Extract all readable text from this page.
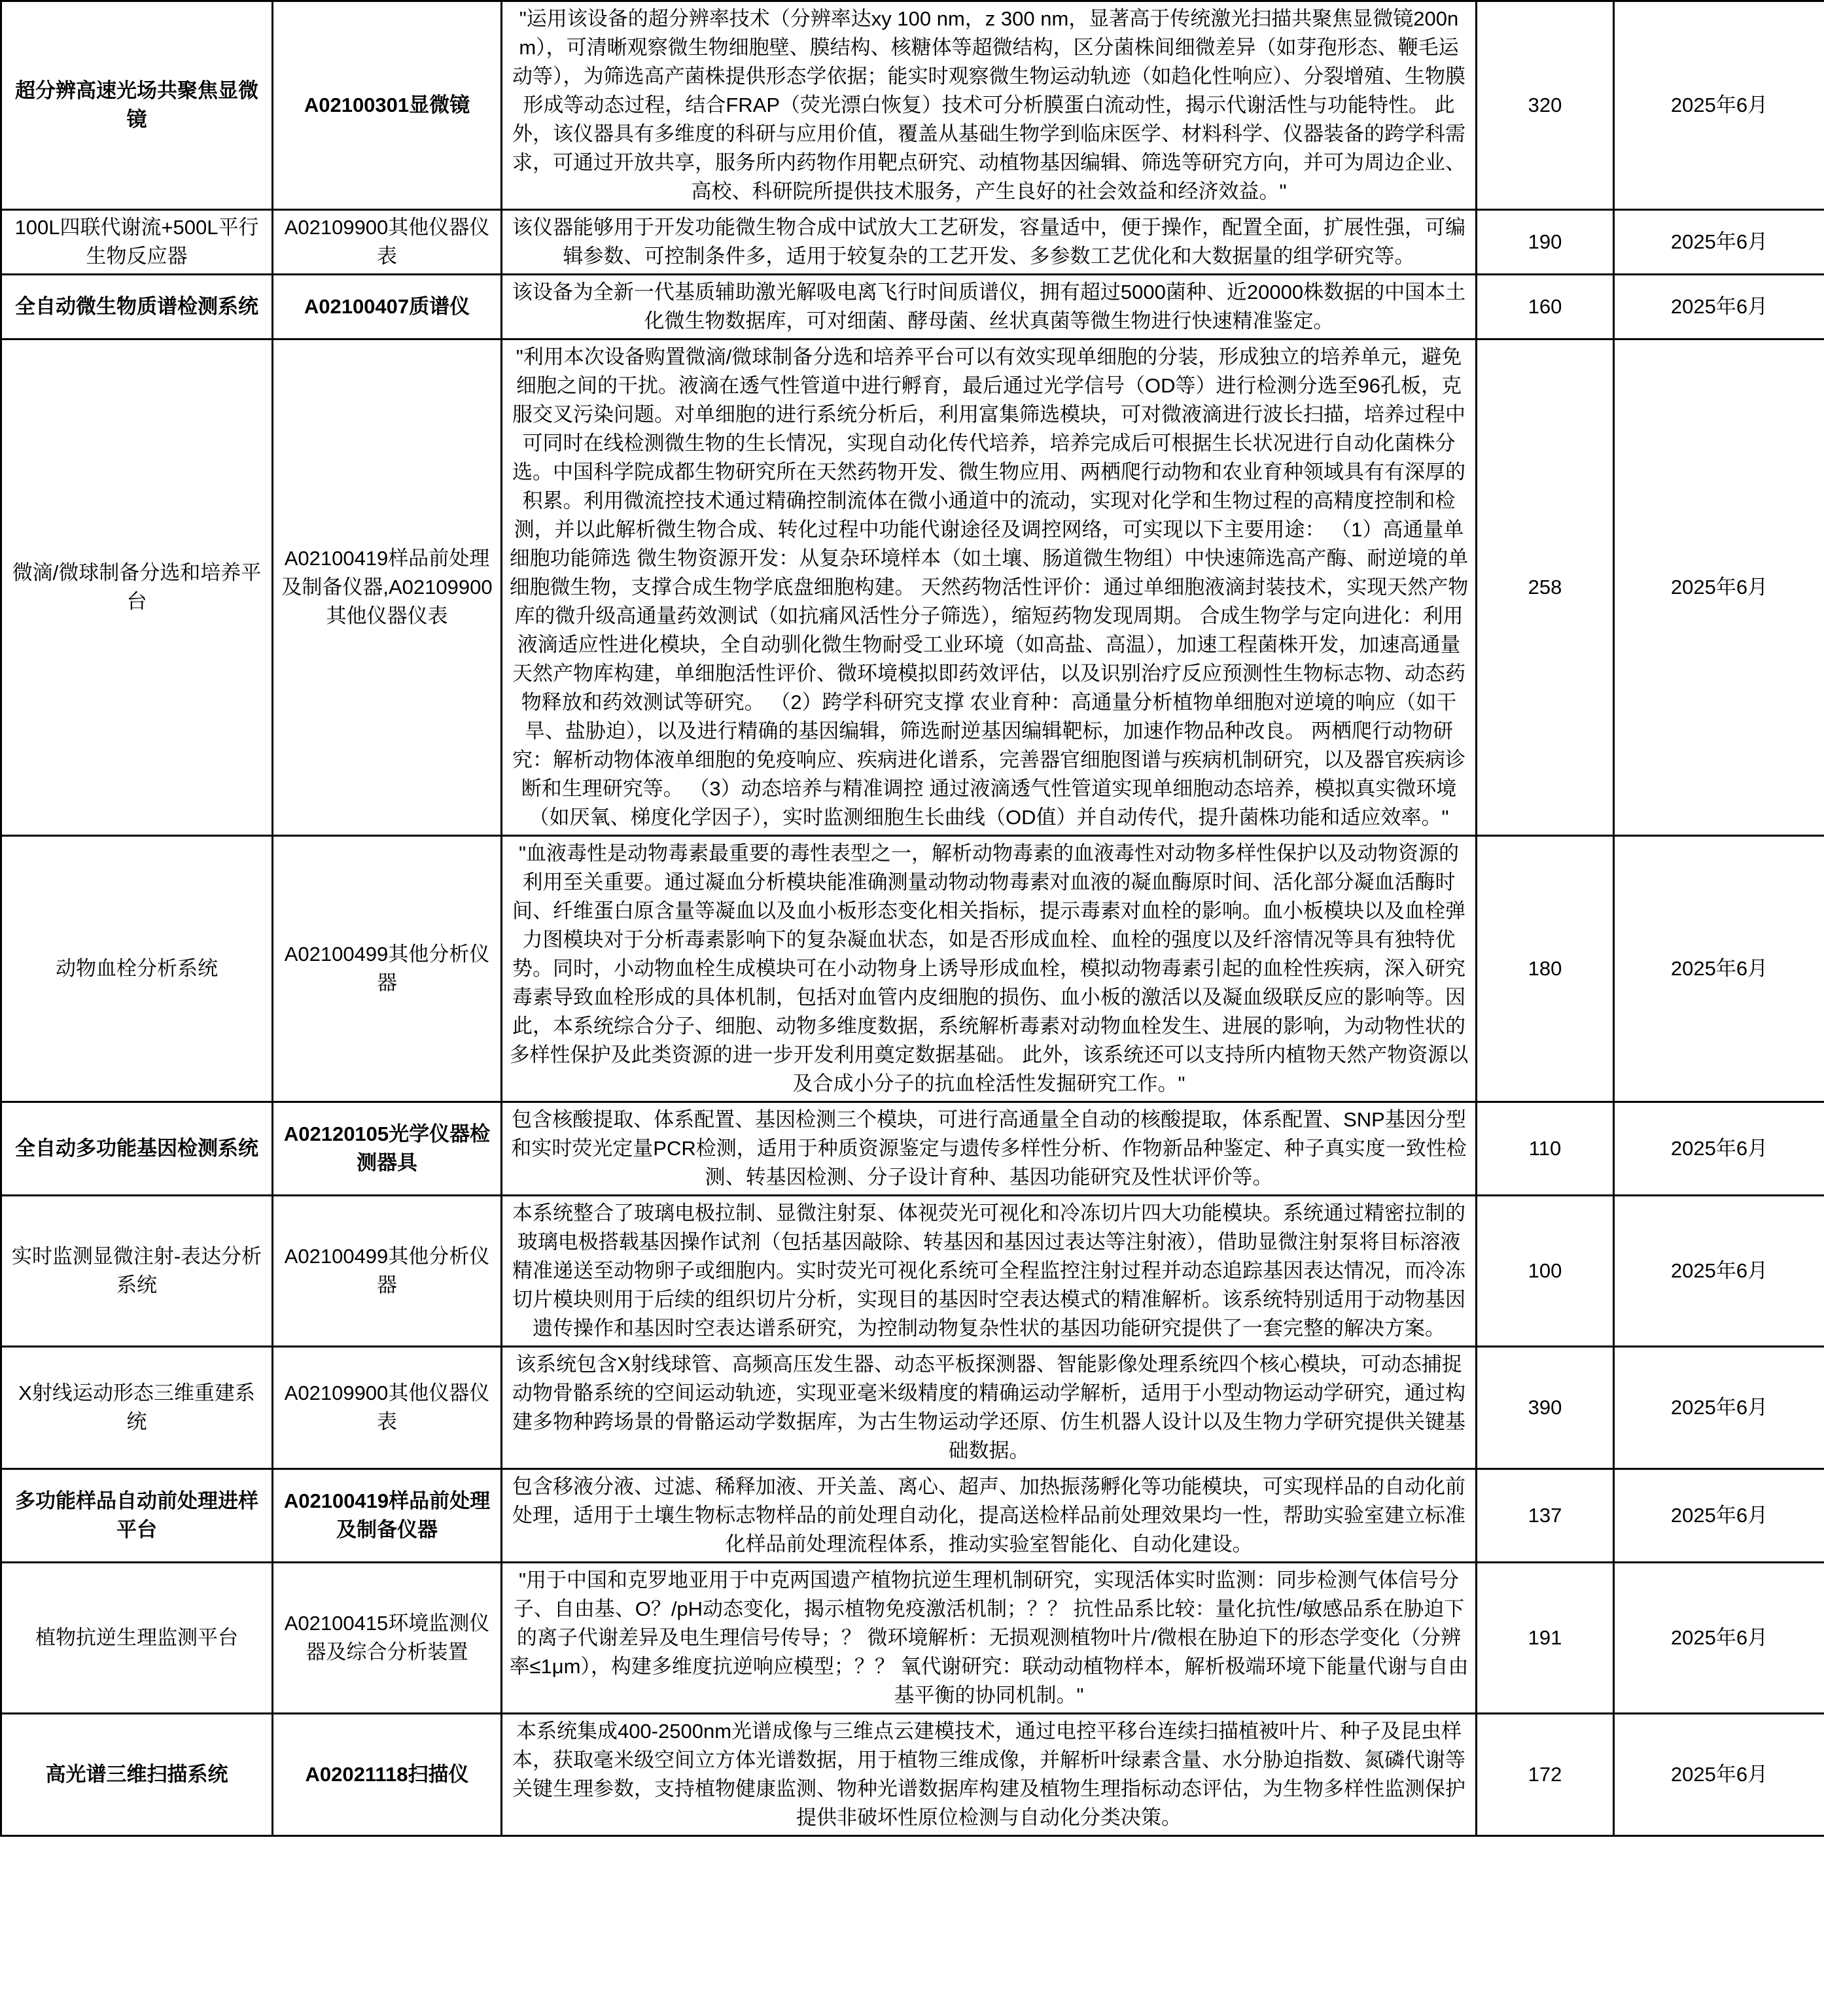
超分辨高速光场共聚焦显微镜	A02100301显微镜	"运用该设备的超分辨率技术（分辨率达xy 100 nm，z 300 nm，显著高于传统激光扫描共聚焦显微镜200nm），可清晰观察微生物细胞壁、膜结构、核糖体等超微结构，区分菌株间细微差异（如芽孢形态、鞭毛运动等），为筛选高产菌株提供形态学依据；能实时观察微生物运动轨迹（如趋化性响应）、分裂增殖、生物膜形成等动态过程，结合FRAP（荧光漂白恢复）技术可分析膜蛋白流动性，揭示代谢活性与功能特性。 此外，该仪器具有多维度的科研与应用价值，覆盖从基础生物学到临床医学、材料科学、仪器装备的跨学科需求，可通过开放共享，服务所内药物作用靶点研究、动植物基因编辑、筛选等研究方向，并可为周边企业、高校、科研院所提供技术服务，产生良好的社会效益和经济效益。"	320	2025年6月
100L四联代谢流+500L平行生物反应器	A02109900其他仪器仪表	该仪器能够用于开发功能微生物合成中试放大工艺研发，容量适中，便于操作，配置全面，扩展性强，可编辑参数、可控制条件多，适用于较复杂的工艺开发、多参数工艺优化和大数据量的组学研究等。	190	2025年6月
全自动微生物质谱检测系统	A02100407质谱仪	该设备为全新一代基质辅助激光解吸电离飞行时间质谱仪，拥有超过5000菌种、近20000株数据的中国本土化微生物数据库，可对细菌、酵母菌、丝状真菌等微生物进行快速精准鉴定。	160	2025年6月
微滴/微球制备分选和培养平台	A02100419样品前处理及制备仪器,A02109900其他仪器仪表	"利用本次设备购置微滴/微球制备分选和培养平台可以有效实现单细胞的分装，形成独立的培养单元，避免细胞之间的干扰。液滴在透气性管道中进行孵育，最后通过光学信号（OD等）进行检测分选至96孔板，克服交叉污染问题。对单细胞的进行系统分析后，利用富集筛选模块，可对微液滴进行波长扫描，培养过程中可同时在线检测微生物的生长情况，实现自动化传代培养，培养完成后可根据生长状况进行自动化菌株分选。中国科学院成都生物研究所在天然药物开发、微生物应用、两栖爬行动物和农业育种领域具有有深厚的积累。利用微流控技术通过精确控制流体在微小通道中的流动，实现对化学和生物过程的高精度控制和检测，并以此解析微生物合成、转化过程中功能代谢途径及调控网络，可实现以下主要用途： （1）高通量单细胞功能筛选 微生物资源开发：从复杂环境样本（如土壤、肠道微生物组）中快速筛选高产酶、耐逆境的单细胞微生物，支撑合成生物学底盘细胞构建。 天然药物活性评价：通过单细胞液滴封装技术，实现天然产物库的微升级高通量药效测试（如抗痛风活性分子筛选），缩短药物发现周期。 合成生物学与定向进化：利用液滴适应性进化模块，全自动驯化微生物耐受工业环境（如高盐、高温），加速工程菌株开发，加速高通量天然产物库构建，单细胞活性评价、微环境模拟即药效评估，以及识别治疗反应预测性生物标志物、动态药物释放和药效测试等研究。 （2）跨学科研究支撑 农业育种：高通量分析植物单细胞对逆境的响应（如干旱、盐胁迫），以及进行精确的基因编辑，筛选耐逆基因编辑靶标，加速作物品种改良。 两栖爬行动物研究：解析动物体液单细胞的免疫响应、疾病进化谱系，完善器官细胞图谱与疾病机制研究，以及器官疾病诊断和生理研究等。 （3）动态培养与精准调控 通过液滴透气性管道实现单细胞动态培养，模拟真实微环境（如厌氧、梯度化学因子），实时监测细胞生长曲线（OD值）并自动传代，提升菌株功能和适应效率。"	258	2025年6月
动物血栓分析系统	A02100499其他分析仪器	"血液毒性是动物毒素最重要的毒性表型之一，解析动物毒素的血液毒性对动物多样性保护以及动物资源的利用至关重要。通过凝血分析模块能准确测量动物动物毒素对血液的凝血酶原时间、活化部分凝血活酶时间、纤维蛋白原含量等凝血以及血小板形态变化相关指标，提示毒素对血栓的影响。血小板模块以及血栓弹力图模块对于分析毒素影响下的复杂凝血状态，如是否形成血栓、血栓的强度以及纤溶情况等具有独特优势。同时，小动物血栓生成模块可在小动物身上诱导形成血栓，模拟动物毒素引起的血栓性疾病，深入研究毒素导致血栓形成的具体机制，包括对血管内皮细胞的损伤、血小板的激活以及凝血级联反应的影响等。因此，本系统综合分子、细胞、动物多维度数据，系统解析毒素对动物血栓发生、进展的影响，为动物性状的多样性保护及此类资源的进一步开发利用奠定数据基础。 此外，该系统还可以支持所内植物天然产物资源以及合成小分子的抗血栓活性发掘研究工作。"	180	2025年6月
全自动多功能基因检测系统	A02120105光学仪器检测器具	包含核酸提取、体系配置、基因检测三个模块，可进行高通量全自动的核酸提取，体系配置、SNP基因分型和实时荧光定量PCR检测，适用于种质资源鉴定与遗传多样性分析、作物新品种鉴定、种子真实度一致性检测、转基因检测、分子设计育种、基因功能研究及性状评价等。	110	2025年6月
实时监测显微注射-表达分析系统	A02100499其他分析仪器	本系统整合了玻璃电极拉制、显微注射泵、体视荧光可视化和冷冻切片四大功能模块。系统通过精密拉制的玻璃电极搭载基因操作试剂（包括基因敲除、转基因和基因过表达等注射液），借助显微注射泵将目标溶液精准递送至动物卵子或细胞内。实时荧光可视化系统可全程监控注射过程并动态追踪基因表达情况，而冷冻切片模块则用于后续的组织切片分析，实现目的基因时空表达模式的精准解析。该系统特别适用于动物基因遗传操作和基因时空表达谱系研究，为控制动物复杂性状的基因功能研究提供了一套完整的解决方案。	100	2025年6月
X射线运动形态三维重建系统	A02109900其他仪器仪表	该系统包含X射线球管、高频高压发生器、动态平板探测器、智能影像处理系统四个核心模块，可动态捕捉动物骨骼系统的空间运动轨迹，实现亚毫米级精度的精确运动学解析，适用于小型动物运动学研究，通过构建多物种跨场景的骨骼运动学数据库，为古生物运动学还原、仿生机器人设计以及生物力学研究提供关键基础数据。	390	2025年6月
多功能样品自动前处理进样平台	A02100419样品前处理及制备仪器	包含移液分液、过滤、稀释加液、开关盖、离心、超声、加热振荡孵化等功能模块，可实现样品的自动化前处理，适用于土壤生物标志物样品的前处理自动化，提高送检样品前处理效果均一性，帮助实验室建立标准化样品前处理流程体系，推动实验室智能化、自动化建设。	137	2025年6月
植物抗逆生理监测平台	A02100415环境监测仪器及综合分析装置	"用于中国和克罗地亚用于中克两国遗产植物抗逆生理机制研究，实现活体实时监测：同步检测气体信号分子、自由基、O？/pH动态变化，揭示植物免疫激活机制；？？ 抗性品系比较：量化抗性/敏感品系在胁迫下的离子代谢差异及电生理信号传导；？ 微环境解析：无损观测植物叶片/微根在胁迫下的形态学变化（分辨率≤1μm），构建多维度抗逆响应模型；？？ 氧代谢研究：联动动植物样本，解析极端环境下能量代谢与自由基平衡的协同机制。"	191	2025年6月
高光谱三维扫描系统	A02021118扫描仪	本系统集成400-2500nm光谱成像与三维点云建模技术，通过电控平移台连续扫描植被叶片、种子及昆虫样本，获取毫米级空间立方体光谱数据，用于植物三维成像，并解析叶绿素含量、水分胁迫指数、氮磷代谢等关键生理参数，支持植物健康监测、物种光谱数据库构建及植物生理指标动态评估，为生物多样性监测保护提供非破坏性原位检测与自动化分类决策。	172	2025年6月
